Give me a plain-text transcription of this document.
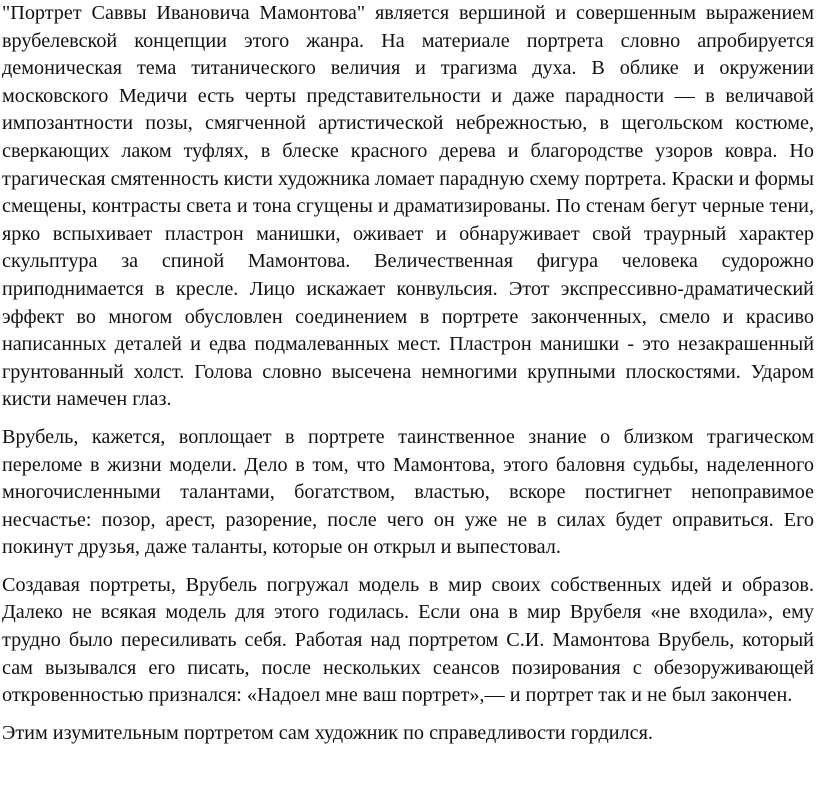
"Портрет Саввы Ивановича Мамонтова" является вершиной и совершенным выражением врубелевской концепции этого жанра. На материале портрета словно апробируется демоническая тема титанического величия и трагизма духа. В облике и окружении московского Медичи есть черты представительности и даже парадности — в величавой импозантности позы, смягченной артистической небрежностью, в щегольском костюме, сверкающих лаком туфлях, в блеске красного дерева и благородстве узоров ковра. Но трагическая смятенность кисти художника ломает парадную схему портрета. Краски и формы смещены, контрасты света и тона сгущены и драматизированы. По стенам бегут черные тени, ярко вспыхивает пластрон манишки, оживает и обнаруживает свой траурный характер скульптура за спиной Мамонтова. Величественная фигура человека судорожно приподнимается в кресле. Лицо искажает конвульсия. Этот экспрессивно-драматический эффект во многом обусловлен соединением в портрете законченных, смело и красиво написанных деталей и едва подмалеванных мест. Пластрон манишки - это незакрашенный грунтованный холст. Голова словно высечена немногими крупными плоскостями. Ударом кисти намечен глаз.

Врубель, кажется, воплощает в портрете таинственное знание о близком трагическом переломе в жизни модели. Дело в том, что Мамонтова, этого баловня судьбы, наделенного многочисленными талантами, богатством, властью, вскоре постигнет непоправимое несчастье: позор, арест, разорение, после чего он уже не в силах будет оправиться. Его покинут друзья, даже таланты, которые он открыл и выпестовал.

Создавая портреты, Врубель погружал модель в мир своих собственных идей и образов. Далеко не всякая модель для этого годилась. Если она в мир Врубеля «не входила», ему трудно было пересиливать себя. Работая над портретом С.И. Мамонтова Врубель, который сам вызывался его писать, после нескольких сеансов позирования с обезоруживающей откровенностью признался: «Надоел мне ваш портрет»,— и портрет так и не был закончен.

Этим изумительным портретом сам художник по справедливости гордился.
